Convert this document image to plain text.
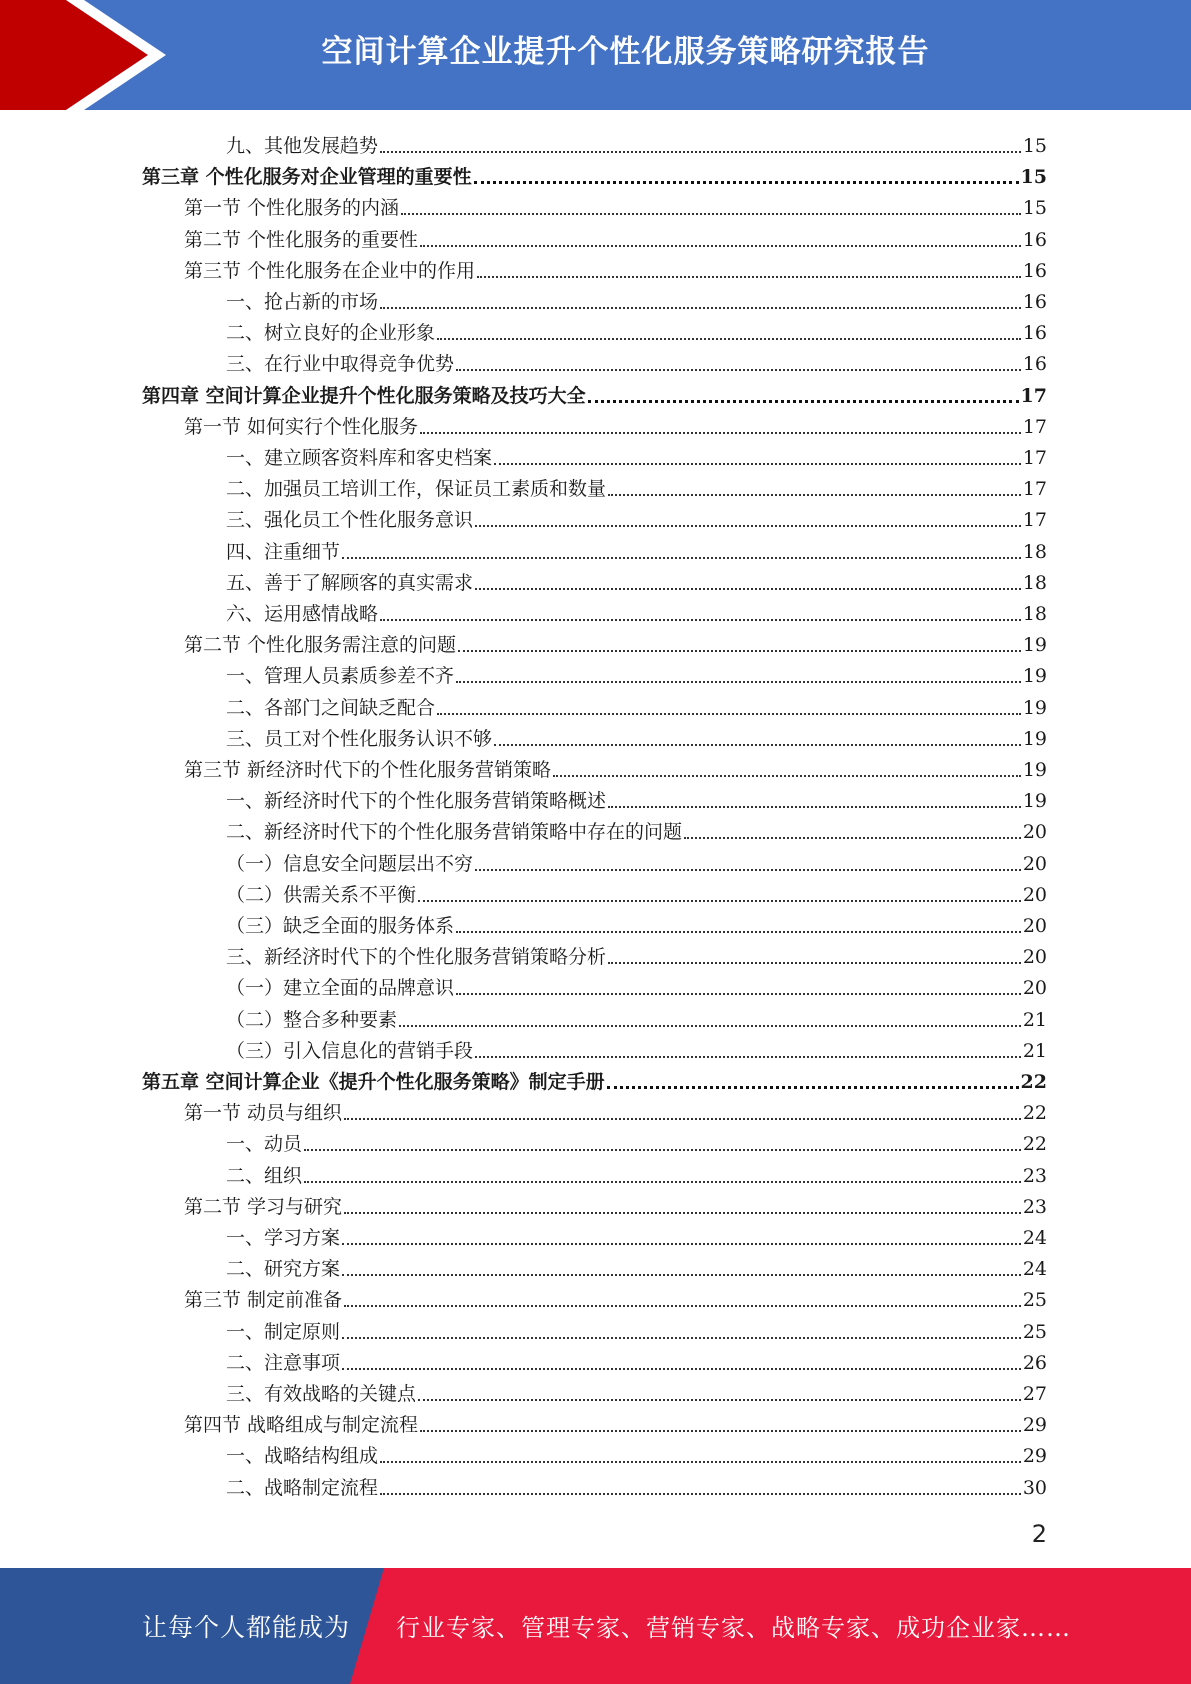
空间计算企业提升个性化服务策略研究报告
九、其他发展趋势	15
第三章 个性化服务对企业管理的重要性	15
第一节 个性化服务的内涵	15
第二节 个性化服务的重要性	16
第三节 个性化服务在企业中的作用	16
一、抢占新的市场	16
二、树立良好的企业形象	16
三、在行业中取得竞争优势	16
第四章 空间计算企业提升个性化服务策略及技巧大全	17
第一节 如何实行个性化服务	17
一、建立顾客资料库和客史档案	17
二、加强员工培训工作，保证员工素质和数量	17
三、强化员工个性化服务意识	17
四、注重细节	18
五、善于了解顾客的真实需求	18
六、运用感情战略	18
第二节 个性化服务需注意的问题	19
一、管理人员素质参差不齐	19
二、各部门之间缺乏配合	19
三、员工对个性化服务认识不够	19
第三节 新经济时代下的个性化服务营销策略	19
一、新经济时代下的个性化服务营销策略概述	19
二、新经济时代下的个性化服务营销策略中存在的问题	20
（一）信息安全问题层出不穷	20
（二）供需关系不平衡	20
（三）缺乏全面的服务体系	20
三、新经济时代下的个性化服务营销策略分析	20
（一）建立全面的品牌意识	20
（二）整合多种要素	21
（三）引入信息化的营销手段	21
第五章 空间计算企业《提升个性化服务策略》制定手册	22
第一节 动员与组织	22
一、动员	22
二、组织	23
第二节 学习与研究	23
一、学习方案	24
二、研究方案	24
第三节 制定前准备	25
一、制定原则	25
二、注意事项	26
三、有效战略的关键点	27
第四节 战略组成与制定流程	29
一、战略结构组成	29
二、战略制定流程	30
2
让每个人都能成为 行业专家、管理专家、营销专家、战略专家、成功企业家……
